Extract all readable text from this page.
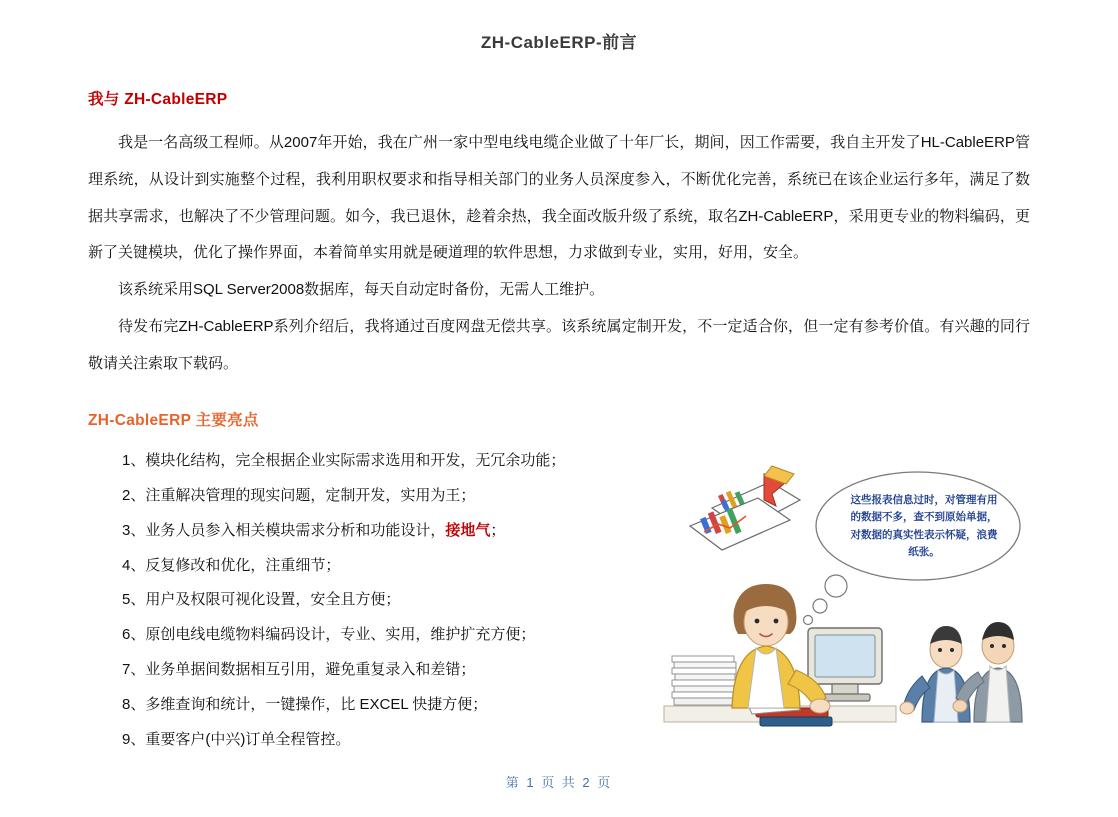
ZH-CableERP-前言
我与 ZH-CableERP

我是一名高级工程师。从2007年开始，我在广州一家中型电线电缆企业做了十年厂长，期间，因工作需要，我自主开发了HL-CableERP管理系统，从设计到实施整个过程，我利用职权要求和指导相关部门的业务人员深度参入，不断优化完善，系统已在该企业运行多年，满足了数据共享需求，也解决了不少管理问题。如今，我已退休，趁着余热，我全面改版升级了系统，取名ZH-CableERP，采用更专业的物料编码，更新了关键模块，优化了操作界面，本着简单实用就是硬道理的软件思想，力求做到专业，实用，好用，安全。

该系统采用SQL Server2008数据库，每天自动定时备份，无需人工维护。

待发布完ZH-CableERP系列介绍后，我将通过百度网盘无偿共享。该系统属定制开发，不一定适合你，但一定有参考价值。有兴趣的同行敬请关注索取下载码。

ZH-CableERP 主要亮点
1、模块化结构，完全根据企业实际需求选用和开发，无冗余功能；
2、注重解决管理的现实问题，定制开发，实用为王；
3、业务人员参入相关模块需求分析和功能设计，接地气；
4、反复修改和优化，注重细节；
5、用户及权限可视化设置，安全且方便；
6、原创电线电缆物料编码设计，专业、实用，维护扩充方便；
7、业务单据间数据相互引用，避免重复录入和差错；
8、多维查询和统计，一键操作，比 EXCEL 快捷方便；
9、重要客户(中兴)订单全程管控。
这些报表信息过时，对管理有用的数据不多，查不到原始单据，对数据的真实性表示怀疑，浪费纸张。
第 1 页 共 2 页
